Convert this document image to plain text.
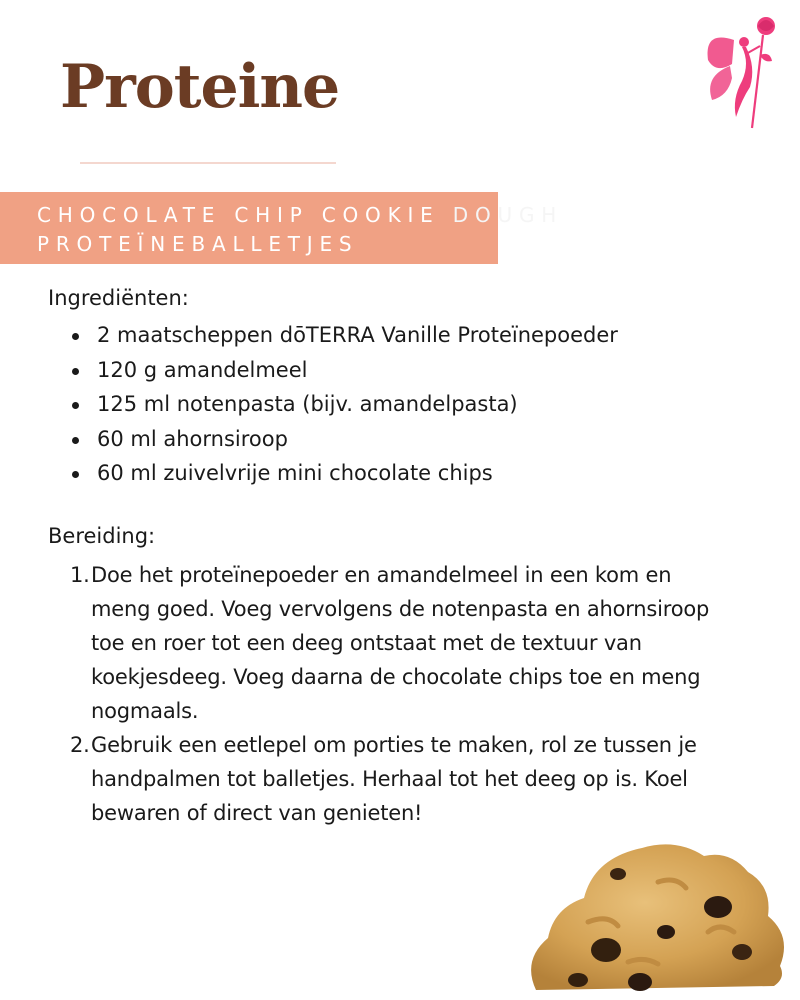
Proteine
CHOCOLATE CHIP COOKIE DOUGH
PROTEÏNEBALLETJES
Ingrediënten:
2 maatscheppen dōTERRA Vanille Proteïnepoeder
120 g amandelmeel
125 ml notenpasta (bijv. amandelpasta)
60 ml ahornsiroop
60 ml zuivelvrije mini chocolate chips
Bereiding:
1. Doe het proteïnepoeder en amandelmeel in een kom en meng goed. Voeg vervolgens de notenpasta en ahornsiroop toe en roer tot een deeg ontstaat met de textuur van koekjesdeeg. Voeg daarna de chocolate chips toe en meng nogmaals.
2. Gebruik een eetlepel om porties te maken, rol ze tussen je handpalmen tot balletjes. Herhaal tot het deeg op is. Koel bewaren of direct van genieten!
